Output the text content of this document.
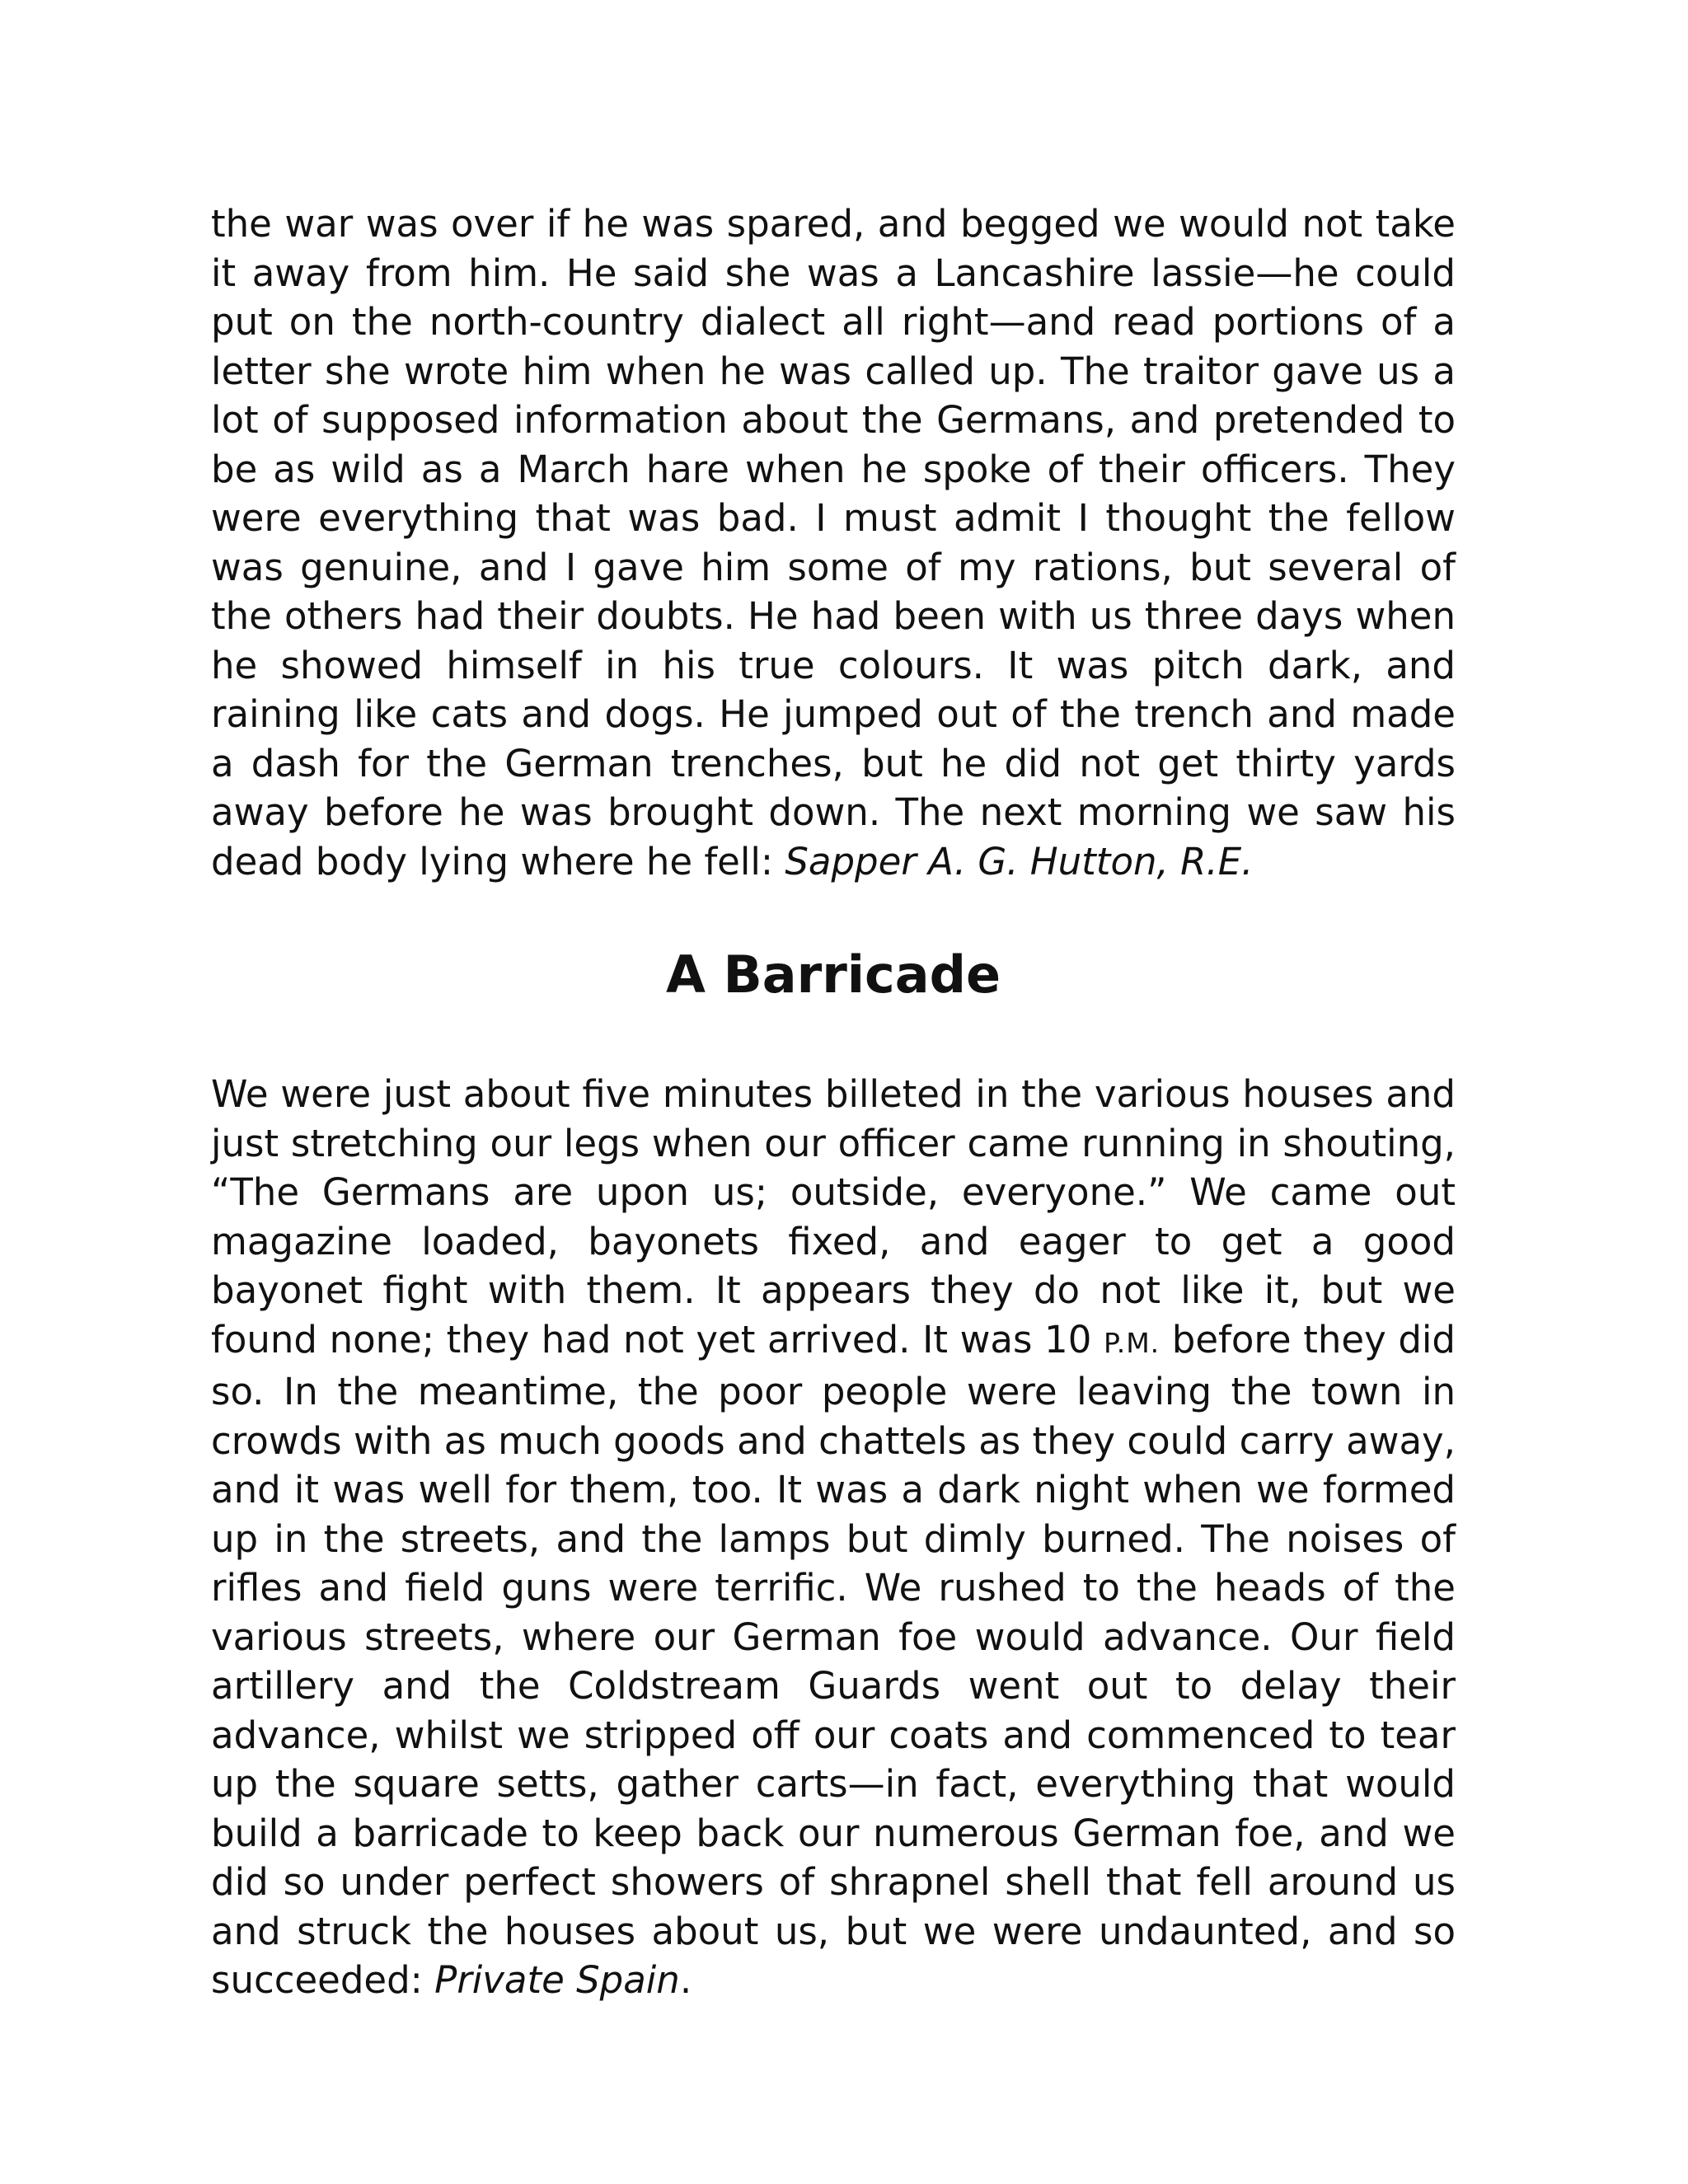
the war was over if he was spared, and begged we would not take it away from him. He said she was a Lancashire lassie—he could put on the north-country dialect all right—and read portions of a letter she wrote him when he was called up. The traitor gave us a lot of supposed information about the Germans, and pretended to be as wild as a March hare when he spoke of their officers. They were everything that was bad. I must admit I thought the fellow was genuine, and I gave him some of my rations, but several of the others had their doubts. He had been with us three days when he showed himself in his true colours. It was pitch dark, and raining like cats and dogs. He jumped out of the trench and made a dash for the German trenches, but he did not get thirty yards away before he was brought down. The next morning we saw his dead body lying where he fell: Sapper A. G. Hutton, R.E.

A Barricade

We were just about five minutes billeted in the various houses and just stretching our legs when our officer came running in shouting, “The Germans are upon us; outside, everyone.” We came out magazine loaded, bayonets fixed, and eager to get a good bayonet fight with them. It appears they do not like it, but we found none; they had not yet arrived. It was 10 P.M. before they did so. In the meantime, the poor people were leaving the town in crowds with as much goods and chattels as they could carry away, and it was well for them, too. It was a dark night when we formed up in the streets, and the lamps but dimly burned. The noises of rifles and field guns were terrific. We rushed to the heads of the various streets, where our German foe would advance. Our field artillery and the Coldstream Guards went out to delay their advance, whilst we stripped off our coats and commenced to tear up the square setts, gather carts—in fact, everything that would build a barricade to keep back our numerous German foe, and we did so under perfect showers of shrapnel shell that fell around us and struck the houses about us, but we were undaunted, and so succeeded: Private Spain.
